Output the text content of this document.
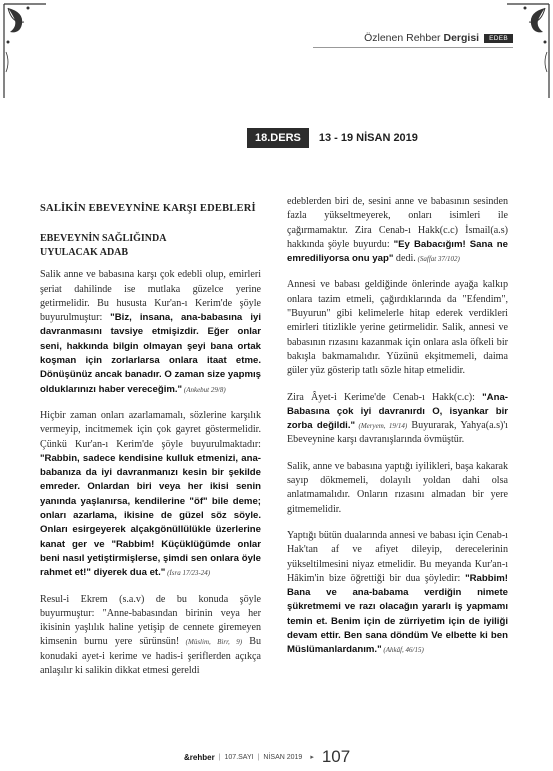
Özlenen Rehber Dergisi	EDEB
18.DERS	13 - 19 NİSAN 2019
SALİKİN EBEVEYNİNE KARŞI EDEBLERİ
EBEVEYNİN SAĞLIĞINDA
UYULACAK ADAB

Salik anne ve babasına karşı çok edebli olup, emirleri şeriat dahilinde ise mutlaka güzelce yerine getirmelidir. Bu hususta Kur'an-ı Kerim'de şöyle buyurulmuştur: "Biz, insana, ana-babasına iyi davranmasını tavsiye etmişizdir. Eğer onlar seni, hakkında bilgin olmayan şeyi bana ortak koşman için zorlarlarsa onlara itaat etme. Dönüşünüz ancak banadır. O zaman size yapmış olduklarınızı haber vereceğim." (Ankebut 29/8)

Hiçbir zaman onları azarlamamalı, sözlerine karşılık vermeyip, incitmemek için çok gayret göstermelidir. Çünkü Kur'an-ı Kerim'de şöyle buyurulmaktadır: "Rabbin, sadece kendisine kulluk etmenizi, ana-babanıza da iyi davranmanızı kesin bir şekilde emreder. Onlardan biri veya her ikisi senin yanında yaşlanırsa, kendilerine "öf" bile deme; onları azarlama, ikisine de güzel söz söyle. Onları esirgeyerek alçakgönüllülükle üzerlerine kanat ger ve "Rabbim! Küçüklüğümde onlar beni nasıl yetiştirmişlerse, şimdi sen onlara öyle rahmet et!" diyerek dua et." (İsra 17/23-24)

Resul-i Ekrem (s.a.v) de bu konuda şöyle buyurmuştur: "Anne-babasından birinin veya her ikisinin yaşlılık haline yetişip de cennete giremeyen kimsenin burnu yere sürünsün! (Müslim, Birr, 9) Bu konudaki ayet-i kerime ve hadis-i şeriflerden açıkça anlaşılır ki salikin dikkat etmesi gereldi

edeblerden biri de, sesini anne ve babasının sesinden fazla yükseltmeyerek, onları isimleri ile çağırmamaktır. Zira Cenab-ı Hakk(c.c) İsmail(a.s) hakkında şöyle buyurdu: "Ey Babacığım! Sana ne emrediliyorsa onu yap" dedi. (Saffat 37/102)

Annesi ve babası geldiğinde önlerinde ayağa kalkıp onlara tazim etmeli, çağırdıklarında da "Efendim", "Buyurun" gibi kelimelerle hitap ederek verdikleri emirleri titizlikle yerine getirmelidir. Salik, annesi ve babasının rızasını kazanmak için onlara asla öfkeli bir bakışla bakmamalıdır. Yüzünü ekşitmemeli, daima güler yüz gösterip tatlı sözle hitap etmelidir.

Zira Âyet-i Kerime'de Cenab-ı Hakk(c.c): "Ana-Babasına çok iyi davranırdı O, isyankar bir zorba değildi." (Meryem, 19/14) Buyurarak, Yahya(a.s)'ı Ebeveynine karşı davranışlarında övmüştür.

Salik, anne ve babasına yaptığı iyilikleri, başa kakarak sayıp dökmemeli, dolayılı yoldan dahi olsa anlatmamalıdır. Onların rızasını almadan bir yere gitmemelidir.

Yaptığı bütün dualarında annesi ve babası için Cenab-ı Hak'tan af ve afiyet dileyip, derecelerinin yükseltilmesini niyaz etmelidir. Bu meyanda Kur'an-ı Hâkim'in bize öğrettiği bir dua şöyledir: "Rabbim! Bana ve ana-babama verdiğin nimete şükretmemi ve razı olacağın yararlı iş yapmamı temin et. Benim için de zürriyetim için de iyiliği devam ettir. Ben sana döndüm Ve elbette ki ben Müslümanlardanım." (Ahkâf, 46/15)

&rehber | 107.SAYI | NİSAN 2019 ▸ 107
